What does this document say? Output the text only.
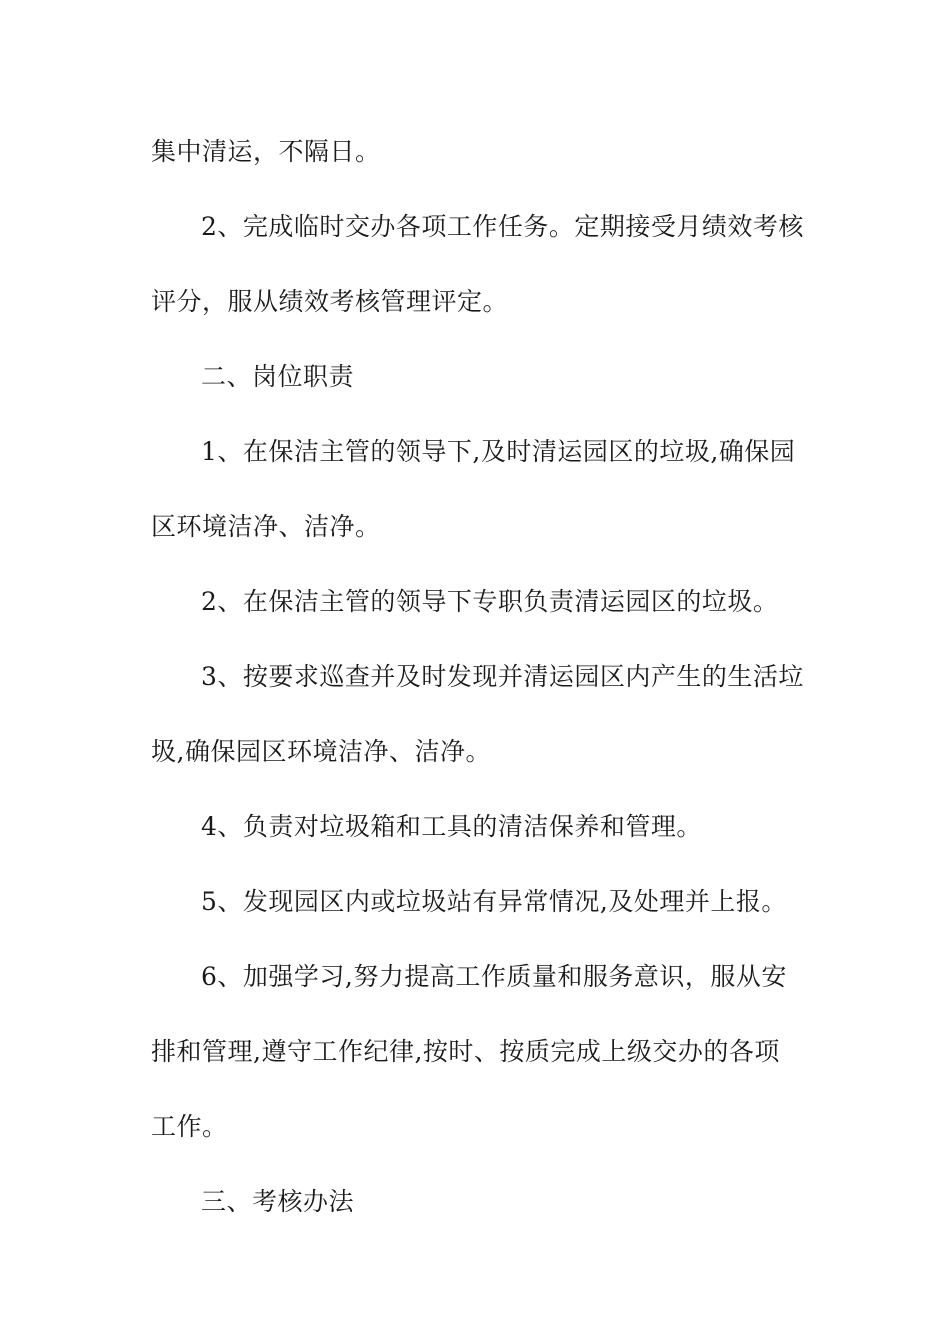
集中清运，不隔日。
2、完成临时交办各项工作任务。定期接受月绩效考核
评分，服从绩效考核管理评定。
二、岗位职责
1、在保洁主管的领导下,及时清运园区的垃圾,确保园
区环境洁净、洁净。
2、在保洁主管的领导下专职负责清运园区的垃圾。
3、按要求巡查并及时发现并清运园区内产生的生活垃
圾,确保园区环境洁净、洁净。
4、负责对垃圾箱和工具的清洁保养和管理。
5、发现园区内或垃圾站有异常情况,及处理并上报。
6、加强学习,努力提高工作质量和服务意识，服从安
排和管理,遵守工作纪律,按时、按质完成上级交办的各项
工作。
三、考核办法
